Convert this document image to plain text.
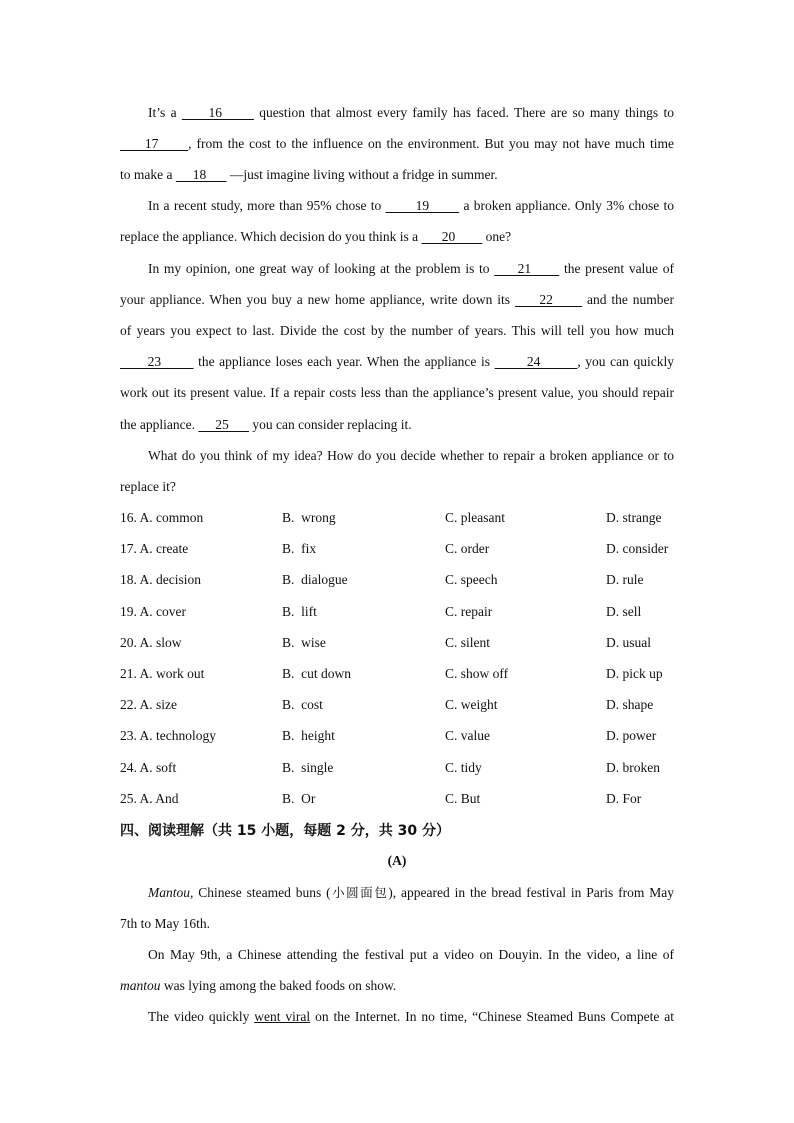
It’s a      16       question that almost every family has faced. There are so many things to
17      , from the cost to the influence on the environment. But you may not have much time
to make a      18       —just imagine living without a fridge in summer.
In a recent study, more than 95% chose to        19        a broken appliance. Only 3% chose to
replace the appliance. Which decision do you think is a       20         one?
In my opinion, one great way of looking at the problem is to      21       the present value of
your appliance. When you buy a new home appliance, write down its      22       and the number
of years you expect to last. Divide the cost by the number of years. This will tell you how much
23        the appliance loses each year. When the appliance is        24        , you can quickly
work out its present value. If a repair costs less than the appliance’s present value, you should repair
the appliance.      25       you can consider replacing it.
What do you think of my idea? How do you decide whether to repair a broken appliance or to
replace it?
16. A. common	B.  wrong	C. pleasant	D. strange
17. A. create	B.  fix	C. order	D. consider
18. A. decision	B.  dialogue	C. speech	D. rule
19. A. cover	B.  lift	C. repair	D. sell
20. A. slow	B.  wise	C. silent	D. usual
21. A. work out	B.  cut down	C. show off	D. pick up
22. A. size	B.  cost	C. weight	D. shape
23. A. technology	B.  height	C. value	D. power
24. A. soft	B.  single	C. tidy	D. broken
25. A. And	B.  Or	C. But	D. For
四、阅读理解（共 15 小题，每题 2 分，共 30 分）
(A)
Mantou, Chinese steamed buns (小圆面包), appeared in the bread festival in Paris from May
7th to May 16th.
On May 9th, a Chinese attending the festival put a video on Douyin. In the video, a line of
mantou was lying among the baked foods on show.
The video quickly went viral on the Internet. In no time, “Chinese Steamed Buns Compete at
